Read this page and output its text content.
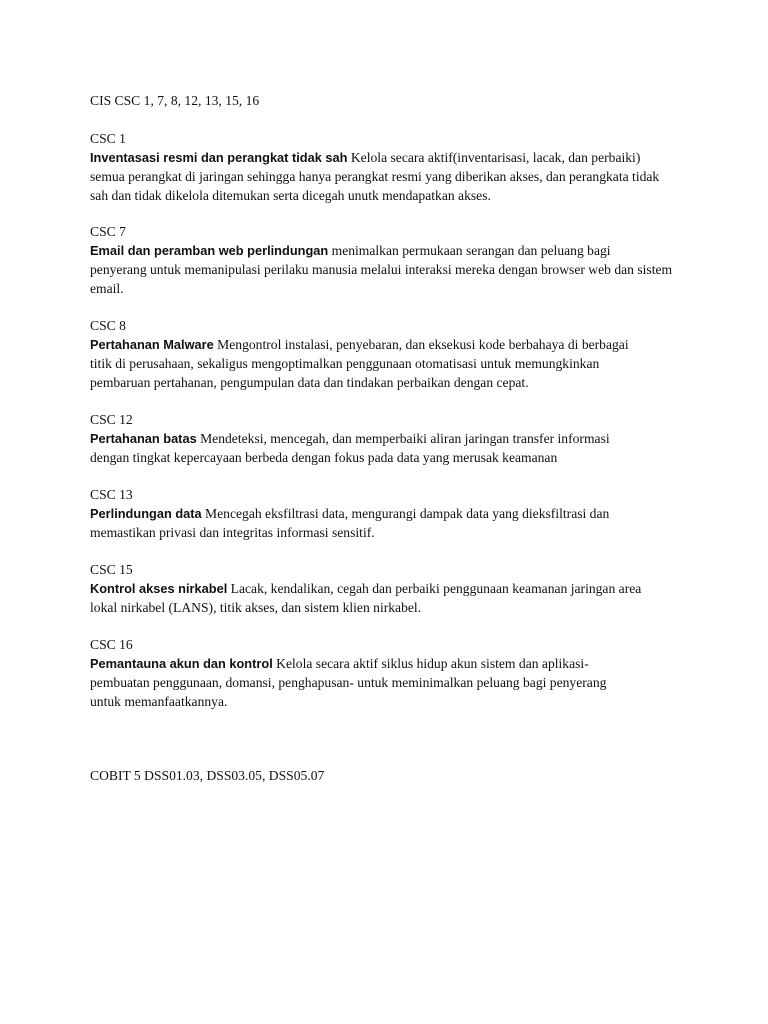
CIS CSC 1, 7, 8, 12, 13, 15, 16

CSC 1

Inventasasi resmi dan perangkat tidak sah Kelola secara aktif(inventarisasi, lacak, dan perbaiki)

semua perangkat di jaringan sehingga hanya perangkat resmi yang diberikan akses, dan perangkata tidak

sah dan tidak dikelola ditemukan serta dicegah unutk mendapatkan akses.

CSC 7

Email dan peramban web perlindungan menimalkan permukaan serangan dan peluang bagi

penyerang untuk memanipulasi perilaku manusia melalui interaksi mereka dengan browser web dan sistem

email.

CSC 8

Pertahanan Malware Mengontrol instalasi, penyebaran, dan eksekusi kode berbahaya di berbagai

titik di perusahaan, sekaligus mengoptimalkan penggunaan otomatisasi untuk memungkinkan

pembaruan pertahanan, pengumpulan data dan tindakan perbaikan dengan cepat.

CSC 12

Pertahanan batas Mendeteksi, mencegah, dan memperbaiki aliran jaringan transfer informasi

dengan tingkat kepercayaan berbeda dengan fokus pada data yang merusak keamanan

CSC 13

Perlindungan data Mencegah eksfiltrasi data, mengurangi dampak data yang dieksfiltrasi dan

memastikan privasi dan integritas informasi sensitif.

CSC 15

Kontrol akses nirkabel Lacak, kendalikan, cegah dan perbaiki penggunaan keamanan jaringan area

lokal nirkabel (LANS), titik akses, dan sistem klien nirkabel.

CSC 16

Pemantauna akun dan kontrol Kelola secara aktif siklus hidup akun sistem dan aplikasi-

pembuatan penggunaan, domansi, penghapusan- untuk meminimalkan peluang bagi penyerang

untuk memanfaatkannya.

COBIT 5 DSS01.03, DSS03.05, DSS05.07
